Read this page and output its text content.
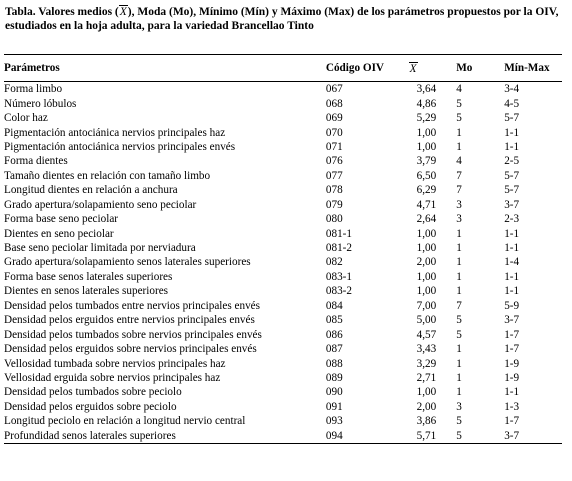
Tabla. Valores medios (X), Moda (Mo), Mínimo (Mín) y Máximo (Max) de los parámetros propuestos por la OIV, estudiados en la hoja adulta, para la variedad Brancellao Tinto
Parámetros	Código OIV	X	Mo	Mín-Max
Forma limbo	067	3,64	4	3-4
Número lóbulos	068	4,86	5	4-5
Color haz	069	5,29	5	5-7
Pigmentación antociánica nervios principales haz	070	1,00	1	1-1
Pigmentación antociánica nervios principales envés	071	1,00	1	1-1
Forma dientes	076	3,79	4	2-5
Tamaño dientes en relación con tamaño limbo	077	6,50	7	5-7
Longitud dientes en relación a anchura	078	6,29	7	5-7
Grado apertura/solapamiento seno peciolar	079	4,71	3	3-7
Forma base seno peciolar	080	2,64	3	2-3
Dientes en seno peciolar	081-1	1,00	1	1-1
Base seno peciolar limitada por nerviadura	081-2	1,00	1	1-1
Grado apertura/solapamiento senos laterales superiores	082	2,00	1	1-4
Forma base senos laterales superiores	083-1	1,00	1	1-1
Dientes en senos laterales superiores	083-2	1,00	1	1-1
Densidad pelos tumbados entre nervios principales envés	084	7,00	7	5-9
Densidad pelos erguidos entre nervios principales envés	085	5,00	5	3-7
Densidad pelos tumbados sobre nervios principales envés	086	4,57	5	1-7
Densidad pelos erguidos sobre nervios principales envés	087	3,43	1	1-7
Vellosidad tumbada sobre nervios principales haz	088	3,29	1	1-9
Vellosidad erguida sobre nervios principales haz	089	2,71	1	1-9
Densidad pelos tumbados sobre peciolo	090	1,00	1	1-1
Densidad pelos erguidos sobre peciolo	091	2,00	3	1-3
Longitud peciolo en relación a longitud nervio central	093	3,86	5	1-7
Profundidad senos laterales superiores	094	5,71	5	3-7
